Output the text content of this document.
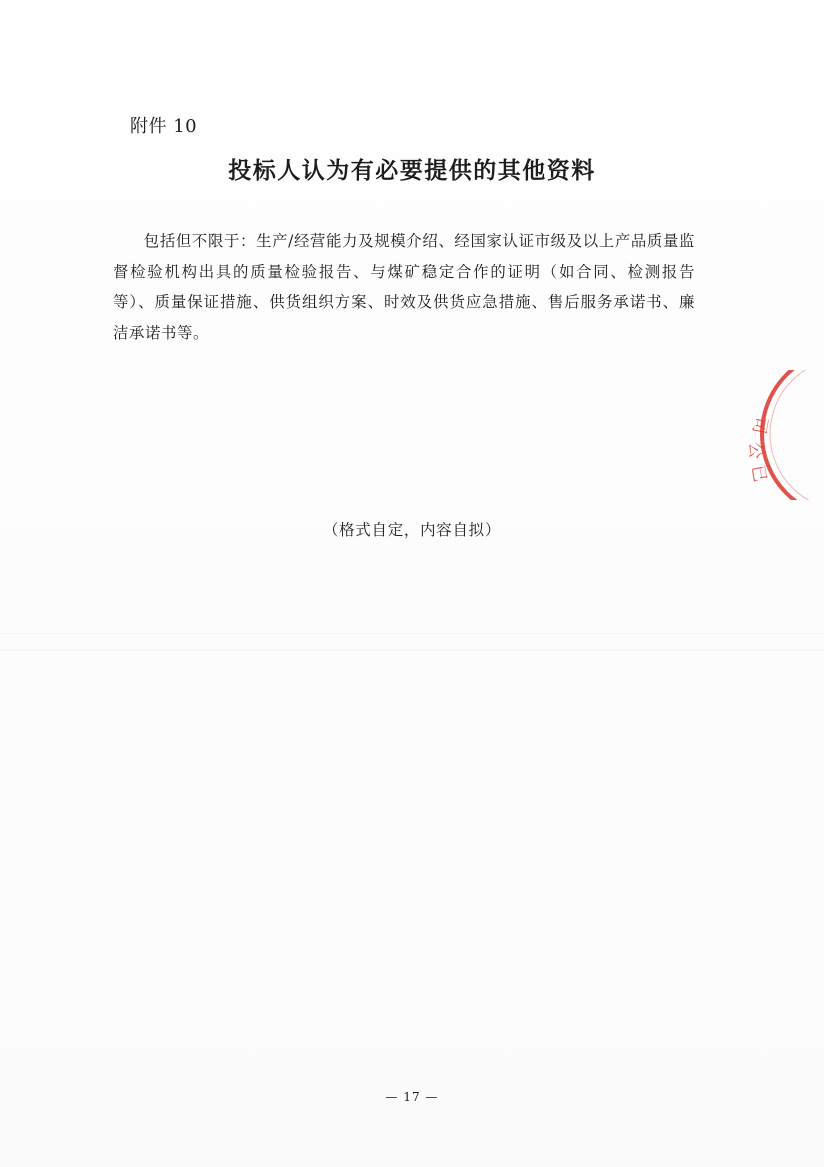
附件 10
投标人认为有必要提供的其他资料

包括但不限于：生产/经营能力及规模介绍、经国家认证市级及以上产品质量监督检验机构出具的质量检验报告、与煤矿稳定合作的证明（如合同、检测报告等）、质量保证措施、供货组织方案、时效及供货应急措施、售后服务承诺书、廉洁承诺书等。

（格式自定，内容自拟）
司
公
已
— 17 —
